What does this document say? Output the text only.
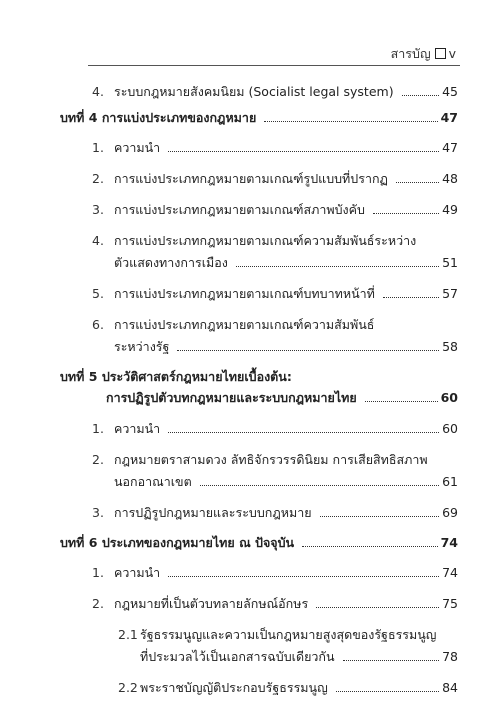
สารบัญ v
4. ระบบกฎหมายสังคมนิยม (Socialist legal system)	45
บทที่ 4 การแบ่งประเภทของกฎหมาย	47
1. ความนำ	47
2. การแบ่งประเภทกฎหมายตามเกณฑ์รูปแบบที่ปรากฏ	48
3. การแบ่งประเภทกฎหมายตามเกณฑ์สภาพบังคับ	49
4. การแบ่งประเภทกฎหมายตามเกณฑ์ความสัมพันธ์ระหว่าง
ตัวแสดงทางการเมือง	51
5. การแบ่งประเภทกฎหมายตามเกณฑ์บทบาทหน้าที่	57
6. การแบ่งประเภทกฎหมายตามเกณฑ์ความสัมพันธ์
ระหว่างรัฐ	58
บทที่ 5 ประวัติศาสตร์กฎหมายไทยเบื้องต้น:
การปฏิรูปตัวบทกฎหมายและระบบกฎหมายไทย	60
1. ความนำ	60
2. กฎหมายตราสามดวง ลัทธิจักรวรรดินิยม การเสียสิทธิสภาพ
นอกอาณาเขต	61
3. การปฏิรูปกฎหมายและระบบกฎหมาย	69
บทที่ 6 ประเภทของกฎหมายไทย ณ ปัจจุบัน	74
1. ความนำ	74
2. กฎหมายที่เป็นตัวบทลายลักษณ์อักษร	75
2.1 รัฐธรรมนูญและความเป็นกฎหมายสูงสุดของรัฐธรรมนูญ
ที่ประมวลไว้เป็นเอกสารฉบับเดียวกัน	78
2.2 พระราชบัญญัติประกอบรัฐธรรมนูญ	84
